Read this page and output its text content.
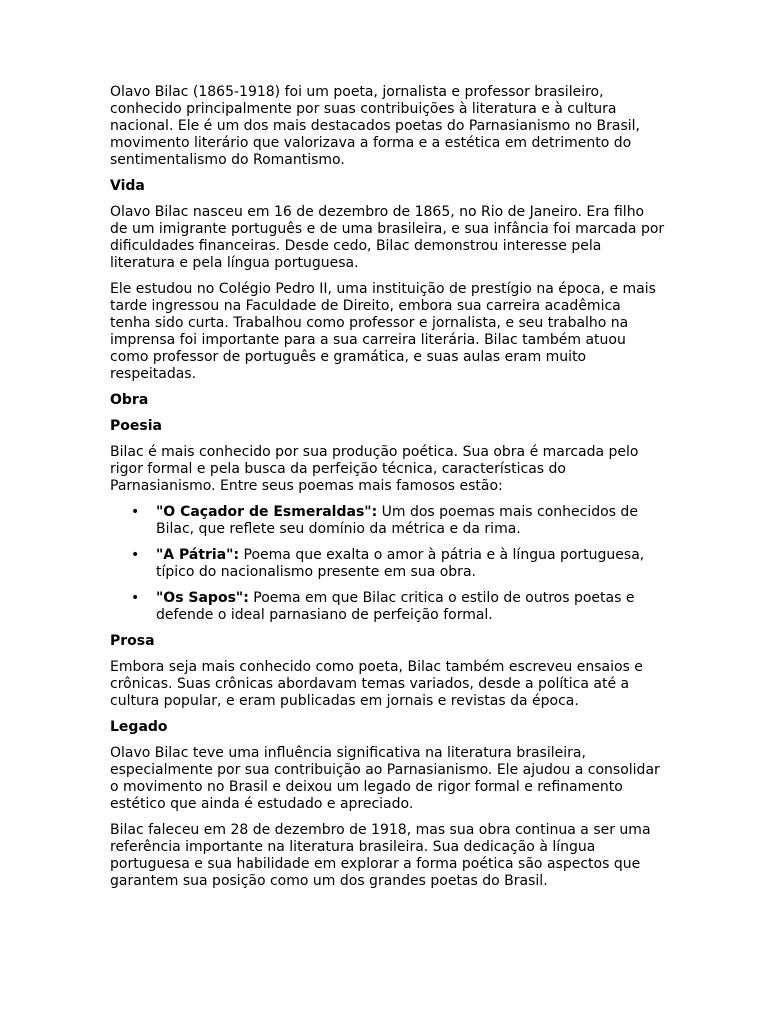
Olavo Bilac (1865-1918) foi um poeta, jornalista e professor brasileiro, conhecido principalmente por suas contribuições à literatura e à cultura nacional. Ele é um dos mais destacados poetas do Parnasianismo no Brasil, movimento literário que valorizava a forma e a estética em detrimento do sentimentalismo do Romantismo.

Vida

Olavo Bilac nasceu em 16 de dezembro de 1865, no Rio de Janeiro. Era filho de um imigrante português e de uma brasileira, e sua infância foi marcada por dificuldades financeiras. Desde cedo, Bilac demonstrou interesse pela literatura e pela língua portuguesa.

Ele estudou no Colégio Pedro II, uma instituição de prestígio na época, e mais tarde ingressou na Faculdade de Direito, embora sua carreira acadêmica tenha sido curta. Trabalhou como professor e jornalista, e seu trabalho na imprensa foi importante para a sua carreira literária. Bilac também atuou como professor de português e gramática, e suas aulas eram muito respeitadas.

Obra
Poesia

Bilac é mais conhecido por sua produção poética. Sua obra é marcada pelo rigor formal e pela busca da perfeição técnica, características do Parnasianismo. Entre seus poemas mais famosos estão:

• "O Caçador de Esmeraldas": Um dos poemas mais conhecidos de Bilac, que reflete seu domínio da métrica e da rima.
• "A Pátria": Poema que exalta o amor à pátria e à língua portuguesa, típico do nacionalismo presente em sua obra.
• "Os Sapos": Poema em que Bilac critica o estilo de outros poetas e defende o ideal parnasiano de perfeição formal.
Prosa

Embora seja mais conhecido como poeta, Bilac também escreveu ensaios e crônicas. Suas crônicas abordavam temas variados, desde a política até a cultura popular, e eram publicadas em jornais e revistas da época.

Legado

Olavo Bilac teve uma influência significativa na literatura brasileira, especialmente por sua contribuição ao Parnasianismo. Ele ajudou a consolidar o movimento no Brasil e deixou um legado de rigor formal e refinamento estético que ainda é estudado e apreciado.

Bilac faleceu em 28 de dezembro de 1918, mas sua obra continua a ser uma referência importante na literatura brasileira. Sua dedicação à língua portuguesa e sua habilidade em explorar a forma poética são aspectos que garantem sua posição como um dos grandes poetas do Brasil.
